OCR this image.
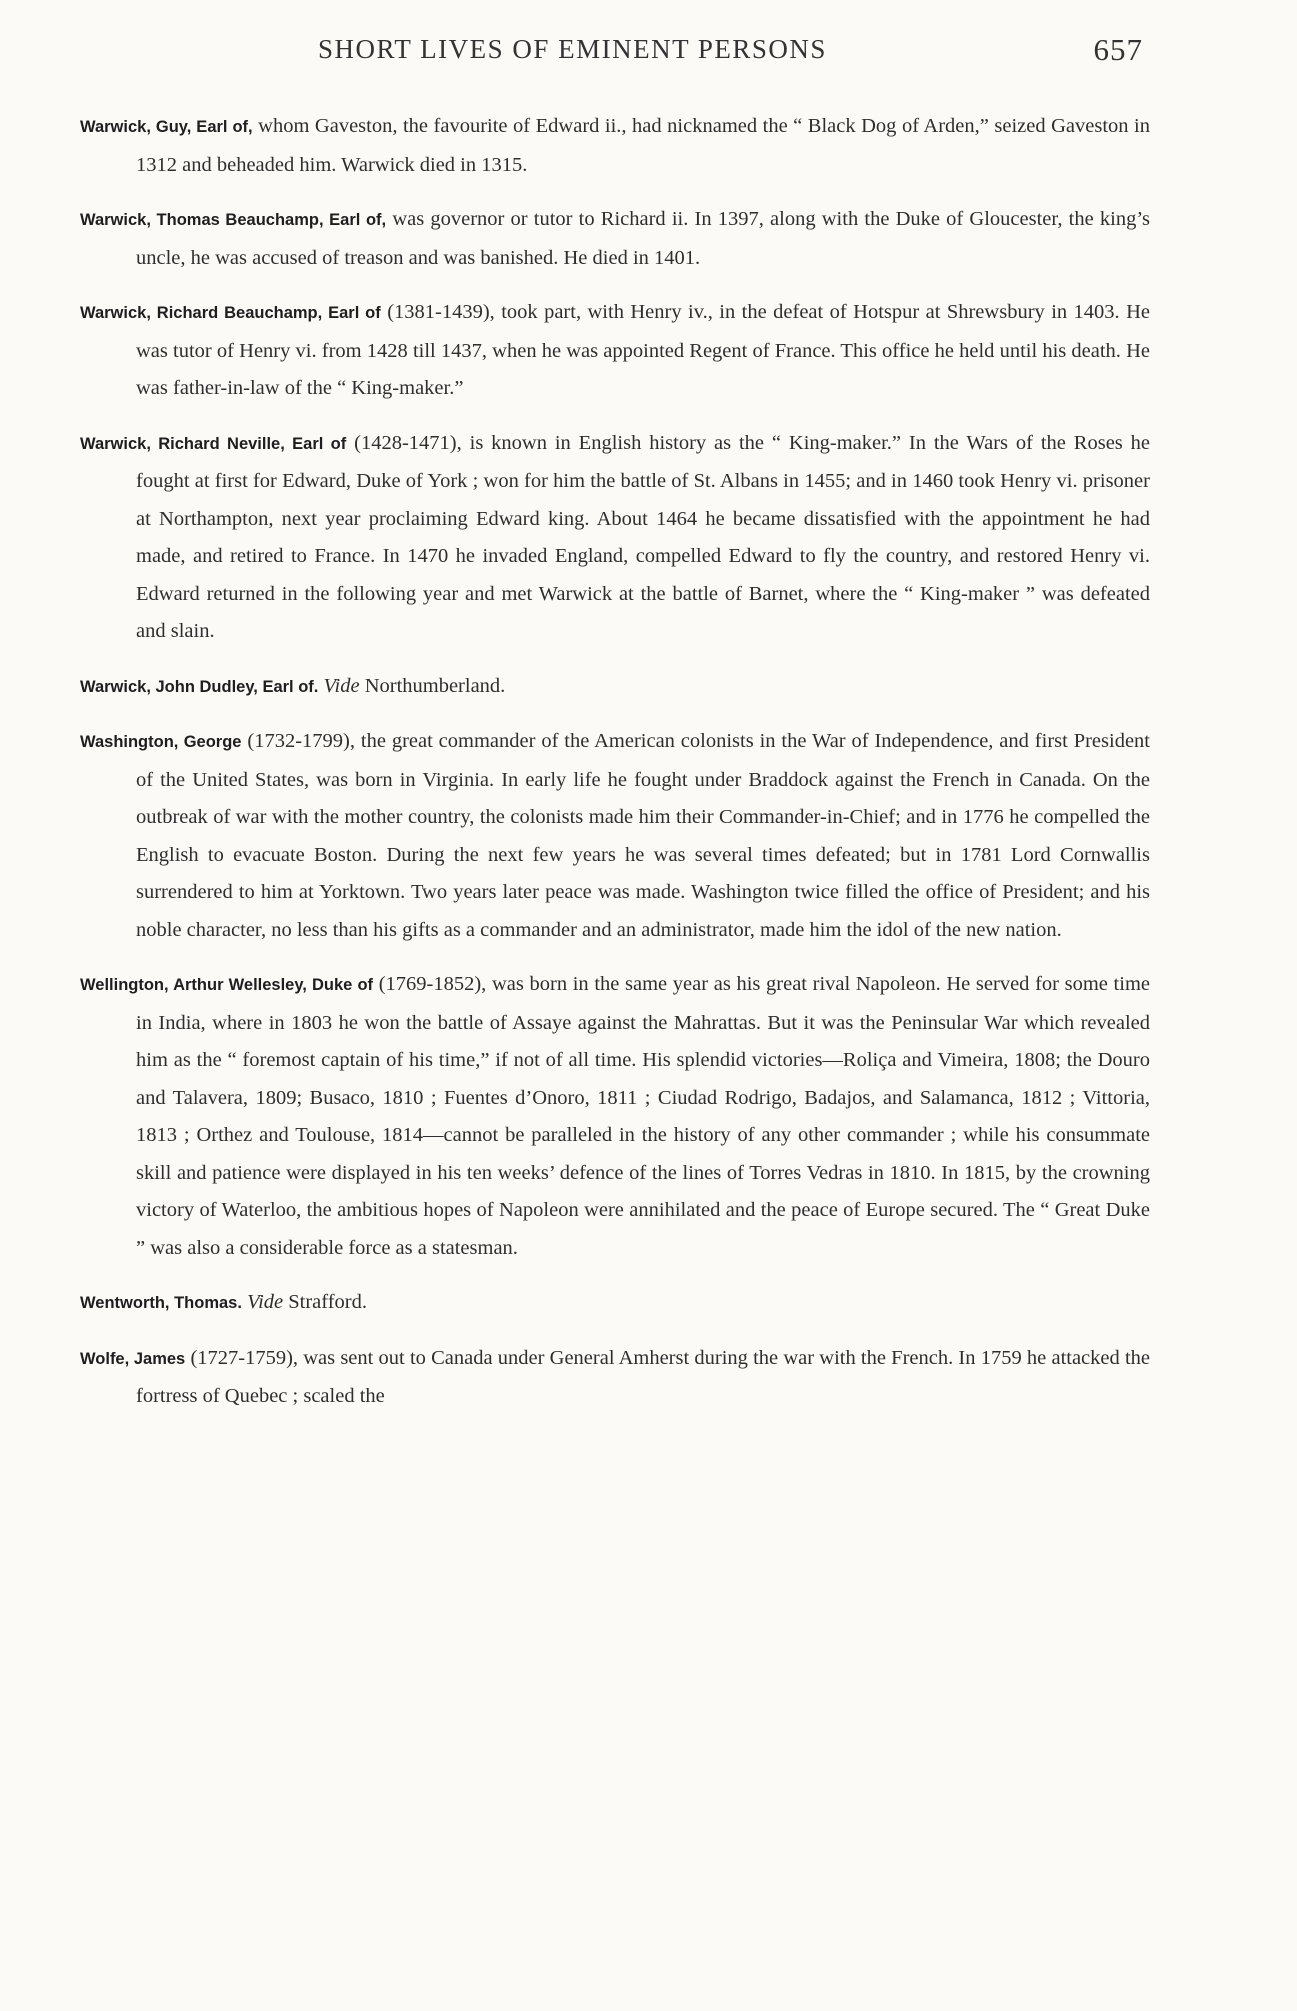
SHORT LIVES OF EMINENT PERSONS	657

Warwick, Guy, Earl of, whom Gaveston, the favourite of Edward ii., had nicknamed the “ Black Dog of Arden,” seized Gaveston in 1312 and beheaded him. Warwick died in 1315.

Warwick, Thomas Beauchamp, Earl of, was governor or tutor to Richard ii. In 1397, along with the Duke of Gloucester, the king’s uncle, he was accused of treason and was banished. He died in 1401.

Warwick, Richard Beauchamp, Earl of (1381-1439), took part, with Henry iv., in the defeat of Hotspur at Shrewsbury in 1403. He was tutor of Henry vi. from 1428 till 1437, when he was appointed Regent of France. This office he held until his death. He was father-in-law of the “ King-maker.”

Warwick, Richard Neville, Earl of (1428-1471), is known in English history as the “ King-maker.” In the Wars of the Roses he fought at first for Edward, Duke of York ; won for him the battle of St. Albans in 1455; and in 1460 took Henry vi. prisoner at Northampton, next year proclaiming Edward king. About 1464 he became dissatisfied with the appointment he had made, and retired to France. In 1470 he invaded England, compelled Edward to fly the country, and restored Henry vi. Edward returned in the following year and met Warwick at the battle of Barnet, where the “ King-maker ” was defeated and slain.

Warwick, John Dudley, Earl of. Vide Northumberland.

Washington, George (1732-1799), the great commander of the American colonists in the War of Independence, and first President of the United States, was born in Virginia. In early life he fought under Braddock against the French in Canada. On the outbreak of war with the mother country, the colonists made him their Commander-in-Chief; and in 1776 he compelled the English to evacuate Boston. During the next few years he was several times defeated; but in 1781 Lord Cornwallis surrendered to him at Yorktown. Two years later peace was made. Washington twice filled the office of President; and his noble character, no less than his gifts as a commander and an administrator, made him the idol of the new nation.

Wellington, Arthur Wellesley, Duke of (1769-1852), was born in the same year as his great rival Napoleon. He served for some time in India, where in 1803 he won the battle of Assaye against the Mahrattas. But it was the Peninsular War which revealed him as the “ foremost captain of his time,” if not of all time. His splendid victories—Roliça and Vimeira, 1808; the Douro and Talavera, 1809; Busaco, 1810 ; Fuentes d’Onoro, 1811 ; Ciudad Rodrigo, Badajos, and Salamanca, 1812 ; Vittoria, 1813 ; Orthez and Toulouse, 1814—cannot be paralleled in the history of any other commander ; while his consummate skill and patience were displayed in his ten weeks’ defence of the lines of Torres Vedras in 1810. In 1815, by the crowning victory of Waterloo, the ambitious hopes of Napoleon were annihilated and the peace of Europe secured. The “ Great Duke ” was also a considerable force as a statesman.

Wentworth, Thomas. Vide Strafford.

Wolfe, James (1727-1759), was sent out to Canada under General Amherst during the war with the French. In 1759 he attacked the fortress of Quebec ; scaled the
